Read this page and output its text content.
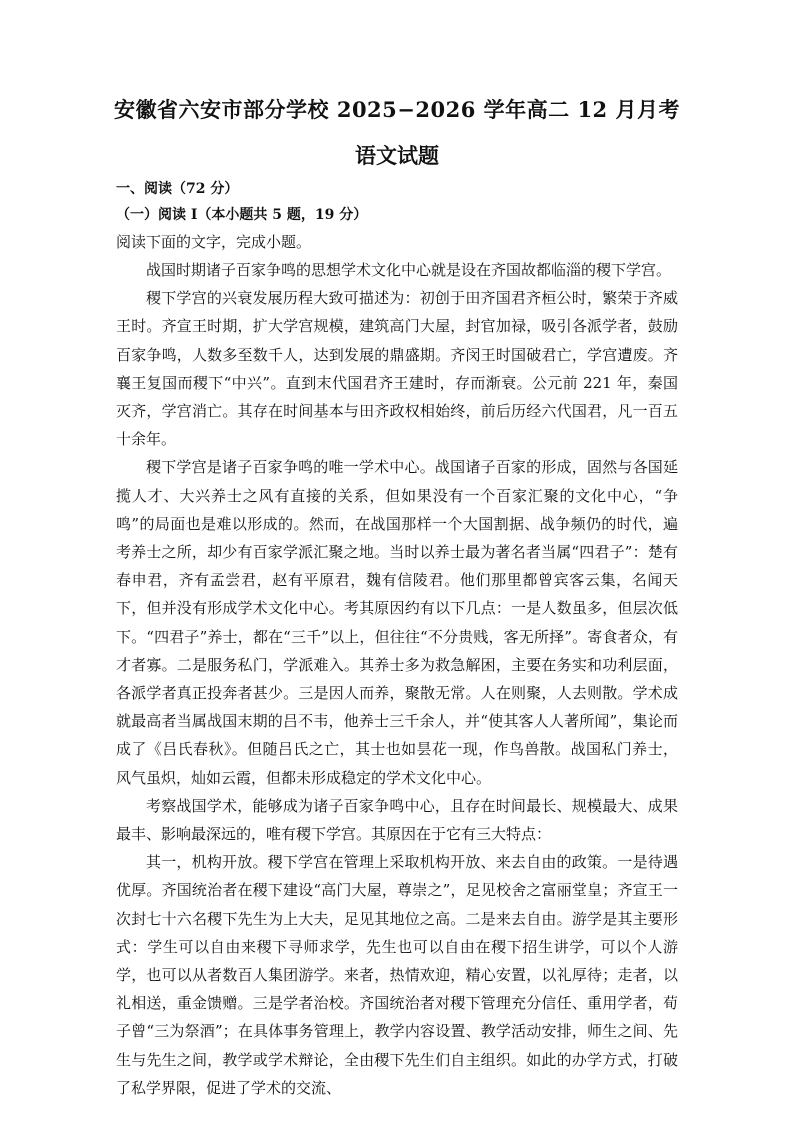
安徽省六安市部分学校 2025−2026 学年高二 12 月月考
语文试题

一、阅读（72 分）

（一）阅读 I（本小题共 5 题，19 分）

阅读下面的文字，完成小题。

战国时期诸子百家争鸣的思想学术文化中心就是设在齐国故都临淄的稷下学宫。

稷下学宫的兴衰发展历程大致可描述为：初创于田齐国君齐桓公时，繁荣于齐威王时。齐宣王时期，扩大学宫规模，建筑高门大屋，封官加禄，吸引各派学者，鼓励百家争鸣，人数多至数千人，达到发展的鼎盛期。齐闵王时国破君亡，学宫遭废。齐襄王复国而稷下“中兴”。直到末代国君齐王建时，存而渐衰。公元前 221 年，秦国灭齐，学宫消亡。其存在时间基本与田齐政权相始终，前后历经六代国君，凡一百五十余年。

稷下学宫是诸子百家争鸣的唯一学术中心。战国诸子百家的形成，固然与各国延揽人才、大兴养士之风有直接的关系，但如果没有一个百家汇聚的文化中心，“争鸣”的局面也是难以形成的。然而，在战国那样一个大国割据、战争频仍的时代，遍考养士之所，却少有百家学派汇聚之地。当时以养士最为著名者当属“四君子”：楚有春申君，齐有孟尝君，赵有平原君，魏有信陵君。他们那里都曾宾客云集，名闻天下，但并没有形成学术文化中心。考其原因约有以下几点：一是人数虽多，但层次低下。“四君子”养士，都在“三千”以上，但往往“不分贵贱，客无所择”。寄食者众，有才者寡。二是服务私门，学派难入。其养士多为救急解困，主要在务实和功利层面，各派学者真正投奔者甚少。三是因人而养，聚散无常。人在则聚，人去则散。学术成就最高者当属战国末期的吕不韦，他养士三千余人，并“使其客人人著所闻”，集论而成了《吕氏春秋》。但随吕氏之亡，其士也如昙花一现，作鸟兽散。战国私门养士，风气虽炽，灿如云霞，但都未形成稳定的学术文化中心。

考察战国学术，能够成为诸子百家争鸣中心，且存在时间最长、规模最大、成果最丰、影响最深远的，唯有稷下学宫。其原因在于它有三大特点：

其一，机构开放。稷下学宫在管理上采取机构开放、来去自由的政策。一是待遇优厚。齐国统治者在稷下建设“高门大屋，尊崇之”，足见校舍之富丽堂皇；齐宣王一次封七十六名稷下先生为上大夫，足见其地位之高。二是来去自由。游学是其主要形式：学生可以自由来稷下寻师求学，先生也可以自由在稷下招生讲学，可以个人游学，也可以从者数百人集团游学。来者，热情欢迎，精心安置，以礼厚待；走者，以礼相送，重金馈赠。三是学者治校。齐国统治者对稷下管理充分信任、重用学者，荀子曾“三为祭酒”；在具体事务管理上，教学内容设置、教学活动安排，师生之间、先生与先生之间，教学或学术辩论，全由稷下先生们自主组织。如此的办学方式，打破了私学界限，促进了学术的交流、
